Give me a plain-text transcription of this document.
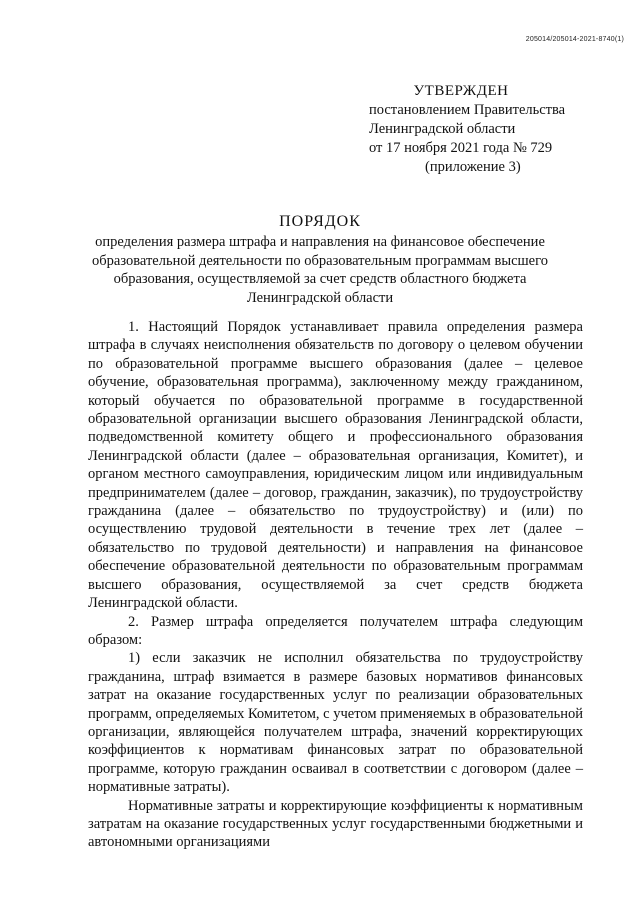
205014/205014-2021-8740(1)
УТВЕРЖДЕН
постановлением Правительства
Ленинградской области
от 17 ноября 2021 года № 729
(приложение 3)
ПОРЯДОК
определения размера штрафа и направления на финансовое обеспечение образовательной деятельности по образовательным программам высшего образования, осуществляемой за счет средств областного бюджета Ленинградской области

1. Настоящий Порядок устанавливает правила определения размера штрафа в случаях неисполнения обязательств по договору о целевом обучении по образовательной программе высшего образования (далее – целевое обучение, образовательная программа), заключенному между гражданином, который обучается по образовательной программе в государственной образовательной организации высшего образования Ленинградской области, подведомственной комитету общего и профессионального образования Ленинградской области (далее – образовательная организация, Комитет), и органом местного самоуправления, юридическим лицом или индивидуальным предпринимателем (далее – договор, гражданин, заказчик), по трудоустройству гражданина (далее – обязательство по трудоустройству) и (или) по осуществлению трудовой деятельности в течение трех лет (далее – обязательство по трудовой деятельности) и направления на финансовое обеспечение образовательной деятельности по образовательным программам высшего образования, осуществляемой за счет средств бюджета Ленинградской области.

2. Размер штрафа определяется получателем штрафа следующим образом:

1) если заказчик не исполнил обязательства по трудоустройству гражданина, штраф взимается в размере базовых нормативов финансовых затрат на оказание государственных услуг по реализации образовательных программ, определяемых Комитетом, с учетом применяемых в образовательной организации, являющейся получателем штрафа, значений корректирующих коэффициентов к нормативам финансовых затрат по образовательной программе, которую гражданин осваивал в соответствии с договором (далее – нормативные затраты).

Нормативные затраты и корректирующие коэффициенты к нормативным затратам на оказание государственных услуг государственными бюджетными и автономными организациями
